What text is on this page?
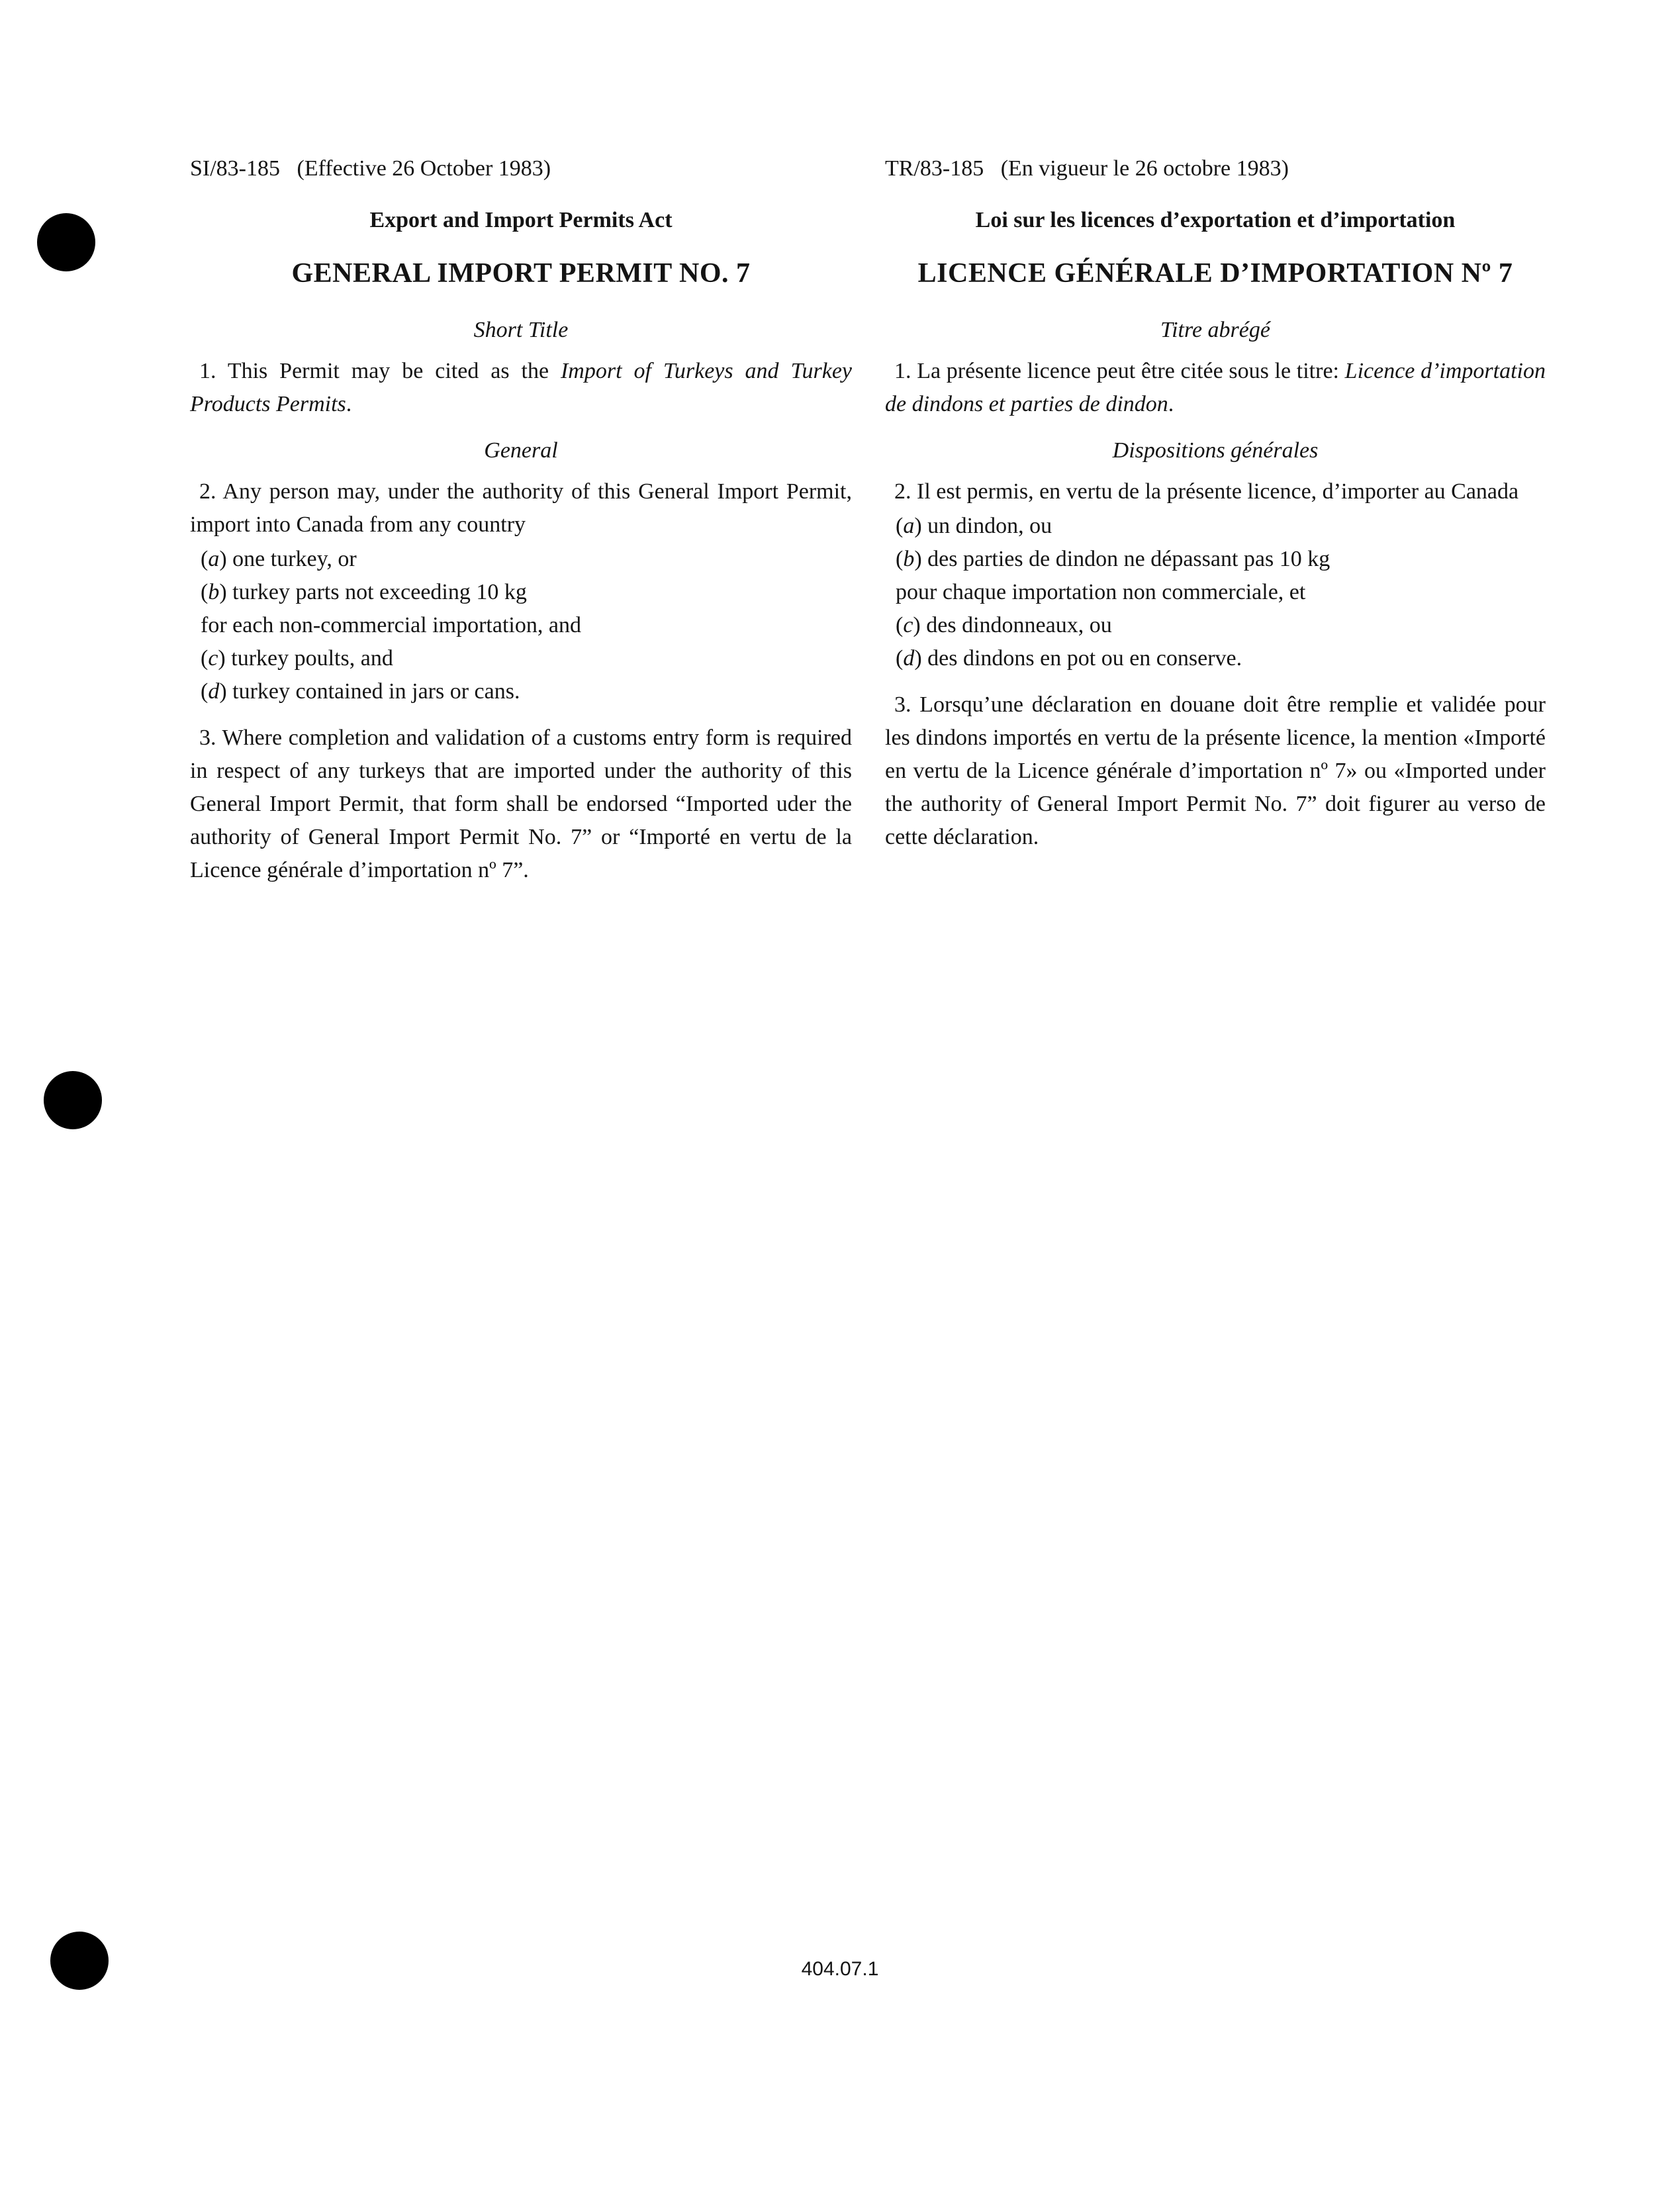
SI/83-185   (Effective 26 October 1983)
Export and Import Permits Act
GENERAL IMPORT PERMIT NO. 7
Short Title
1. This Permit may be cited as the Import of Turkeys and Turkey Products Permits.
General
2. Any person may, under the authority of this General Import Permit, import into Canada from any country
(a) one turkey, or
(b) turkey parts not exceeding 10 kg
for each non-commercial importation, and
(c) turkey poults, and
(d) turkey contained in jars or cans.
3. Where completion and validation of a customs entry form is required in respect of any turkeys that are imported under the authority of this General Import Permit, that form shall be endorsed “Imported uder the authority of General Import Permit No. 7” or “Importé en vertu de la Licence générale d’importation nº 7”.
TR/83-185   (En vigueur le 26 octobre 1983)
Loi sur les licences d’exportation et d’importation
LICENCE GÉNÉRALE D’IMPORTATION Nº 7
Titre abrégé
1. La présente licence peut être citée sous le titre: Licence d’importation de dindons et parties de dindon.
Dispositions générales
2. Il est permis, en vertu de la présente licence, d’importer au Canada
(a) un dindon, ou
(b) des parties de dindon ne dépassant pas 10 kg
pour chaque importation non commerciale, et
(c) des dindonneaux, ou
(d) des dindons en pot ou en conserve.
3. Lorsqu’une déclaration en douane doit être remplie et validée pour les dindons importés en vertu de la présente licence, la mention «Importé en vertu de la Licence générale d’importation nº 7» ou «Imported under the authority of General Import Permit No. 7” doit figurer au verso de cette déclaration.
404.07.1
